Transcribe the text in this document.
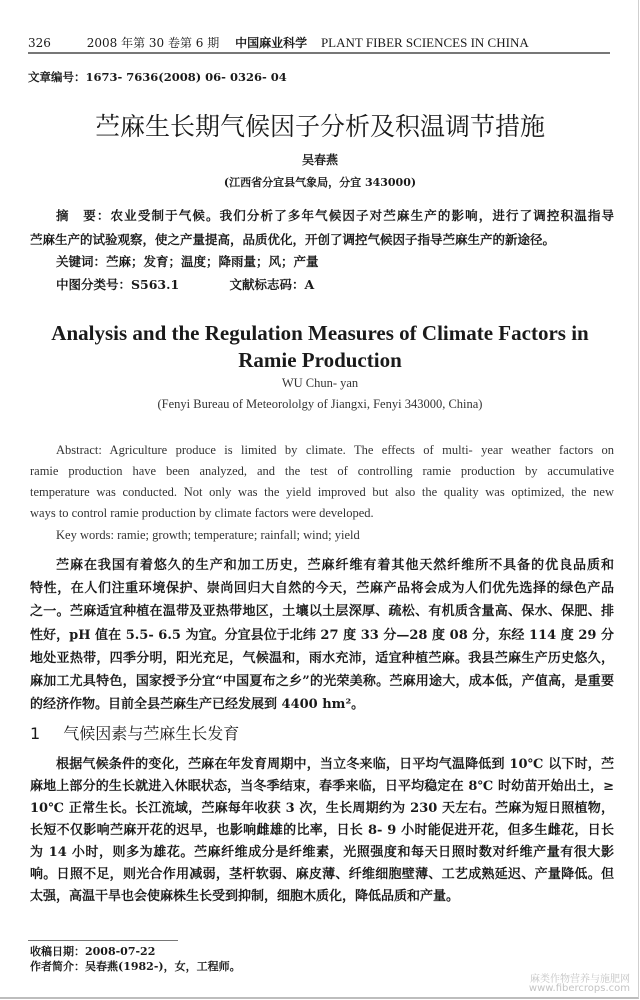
326	2008 年第 30 卷第 6 期 中国麻业科学 PLANT FIBER SCIENCES IN CHINA
文章编号：1673- 7636(2008) 06- 0326- 04
苎麻生长期气候因子分析及积温调节措施
吴春燕
(江西省分宜县气象局，分宜 343000)
摘　要：农业受制于气候。我们分析了多年气候因子对苎麻生产的影响，进行了调控积温指导
苎麻生产的试验观察，使之产量提高，品质优化，开创了调控气候因子指导苎麻生产的新途径。
关键词：苎麻；发育；温度；降雨量；风；产量
中图分类号：S563.1	文献标志码：A
Analysis and the Regulation Measures of Climate Factors in
Ramie Production
WU Chun- yan
(Fenyi Bureau of Meteorololgy of Jiangxi, Fenyi 343000, China)
Abstract: Agriculture produce is limited by climate. The effects of multi- year weather factors on
ramie production have been analyzed, and the test of controlling ramie production by accumulative
temperature was conducted. Not only was the yield improved but also the quality was optimized, the new
ways to control ramie production by climate factors were developed.
Key words: ramie; growth; temperature; rainfall; wind; yield
苎麻在我国有着悠久的生产和加工历史，苎麻纤维有着其他天然纤维所不具备的优良品质和
特性，在人们注重环境保护、崇尚回归大自然的今天，苎麻产品将会成为人们优先选择的绿色产品
之一。苎麻适宜种植在温带及亚热带地区，土壤以土层深厚、疏松、有机质含量高、保水、保肥、排
性好，pH 值在 5.5- 6.5 为宜。分宜县位于北纬 27 度 33 分—28 度 08 分，东经 114 度 29 分
地处亚热带，四季分明，阳光充足，气候温和，雨水充沛，适宜种植苎麻。我县苎麻生产历史悠久，
麻加工尤具特色，国家授予分宜“中国夏布之乡”的光荣美称。苎麻用途大，成本低，产值高，是重要
的经济作物。目前全县苎麻生产已经发展到 4400 hm²。
1 气候因素与苎麻生长发育
根据气候条件的变化，苎麻在年发育周期中，当立冬来临，日平均气温降低到 10℃ 以下时，苎
麻地上部分的生长就进入休眠状态，当冬季结束，春季来临，日平均稳定在 8℃ 时幼苗开始出土，≥
10℃ 正常生长。长江流域，苎麻每年收获 3 次，生长周期约为 230 天左右。苎麻为短日照植物，
长短不仅影响苎麻开花的迟早，也影响雌雄的比率，日长 8- 9 小时能促进开花，但多生雌花，日长
为 14 小时，则多为雄花。苎麻纤维成分是纤维素，光照强度和每天日照时数对纤维产量有很大影
响。日照不足，则光合作用减弱，茎杆软弱、麻皮薄、纤维细胞壁薄、工艺成熟延迟、产量降低。但
太强，高温干旱也会使麻株生长受到抑制，细胞木质化，降低品质和产量。
收稿日期：2008-07-22
作者简介：吴春燕(1982-)，女，工程师。
麻类作物营养与施肥网
www.fibercrops.com
